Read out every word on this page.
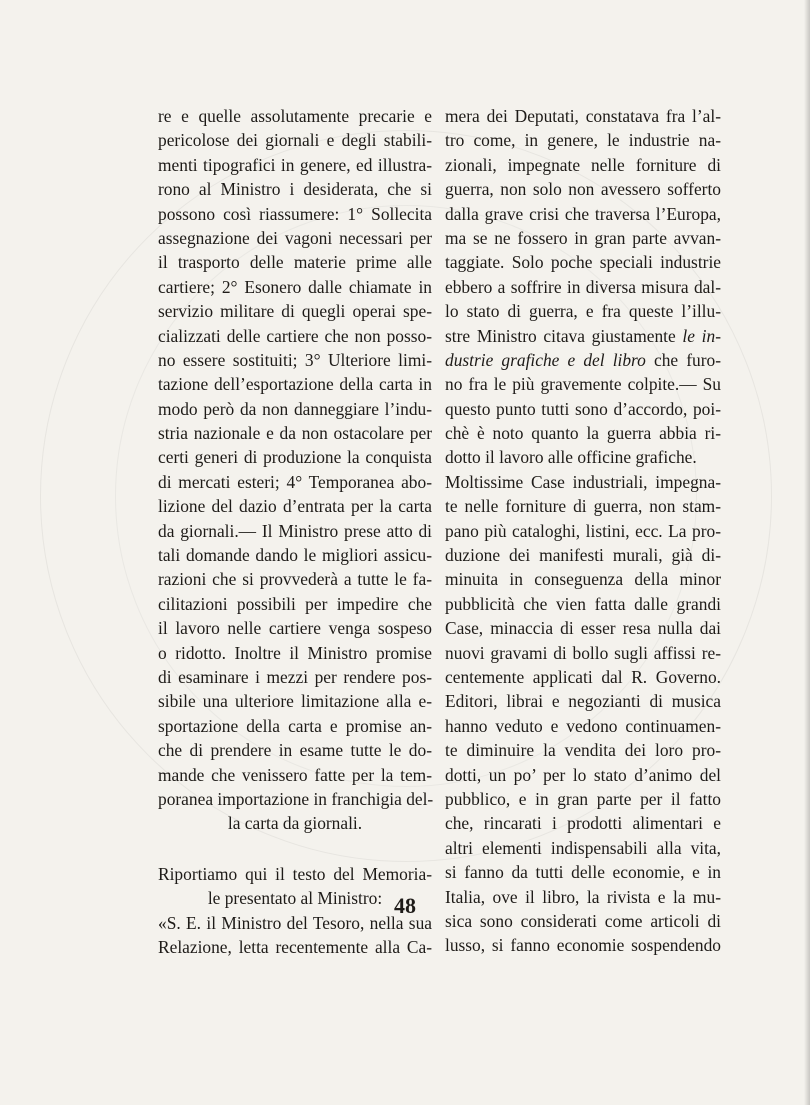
re e quelle assolutamente precarie e
pericolose dei giornali e degli stabili-
menti tipografici in genere, ed illustra-
rono al Ministro i desiderata, che si
possono così riassumere: 1° Sollecita
assegnazione dei vagoni necessari per
il trasporto delle materie prime alle
cartiere; 2° Esonero dalle chiamate in
servizio militare di quegli operai spe-
cializzati delle cartiere che non posso-
no essere sostituiti; 3° Ulteriore limi-
tazione dell’esportazione della carta in
modo però da non danneggiare l’indu-
stria nazionale e da non ostacolare per
certi generi di produzione la conquista
di mercati esteri; 4° Temporanea abo-
lizione del dazio d’entrata per la carta
da giornali.— Il Ministro prese atto di
tali domande dando le migliori assicu-
razioni che si provvederà a tutte le fa-
cilitazioni possibili per impedire che
il lavoro nelle cartiere venga sospeso
o ridotto. Inoltre il Ministro promise
di esaminare i mezzi per rendere pos-
sibile una ulteriore limitazione alla e-
sportazione della carta e promise an-
che di prendere in esame tutte le do-
mande che venissero fatte per la tem-
poranea importazione in franchigia del-
la carta da giornali.
Riportiamo qui il testo del Memoria-
le presentato al Ministro:
«S. E. il Ministro del Tesoro, nella sua
Relazione, letta recentemente alla Ca-
mera dei Deputati, constatava fra l’al-
tro come, in genere, le industrie na-
zionali, impegnate nelle forniture di
guerra, non solo non avessero sofferto
dalla grave crisi che traversa l’Europa,
ma se ne fossero in gran parte avvan-
taggiate. Solo poche speciali industrie
ebbero a soffrire in diversa misura dal-
lo stato di guerra, e fra queste l’illu-
stre Ministro citava giustamente le in-
dustrie grafiche e del libro che furo-
no fra le più gravemente colpite.— Su
questo punto tutti sono d’accordo, poi-
chè è noto quanto la guerra abbia ri-
dotto il lavoro alle officine grafiche.
Moltissime Case industriali, impegna-
te nelle forniture di guerra, non stam-
pano più cataloghi, listini, ecc. La pro-
duzione dei manifesti murali, già di-
minuita in conseguenza della minor
pubblicità che vien fatta dalle grandi
Case, minaccia di esser resa nulla dai
nuovi gravami di bollo sugli affissi re-
centemente applicati dal R. Governo.
Editori, librai e negozianti di musica
hanno veduto e vedono continuamen-
te diminuire la vendita dei loro pro-
dotti, un po’ per lo stato d’animo del
pubblico, e in gran parte per il fatto
che, rincarati i prodotti alimentari e
altri elementi indispensabili alla vita,
si fanno da tutti delle economie, e in
Italia, ove il libro, la rivista e la mu-
sica sono considerati come articoli di
lusso, si fanno economie sospendendo
48
